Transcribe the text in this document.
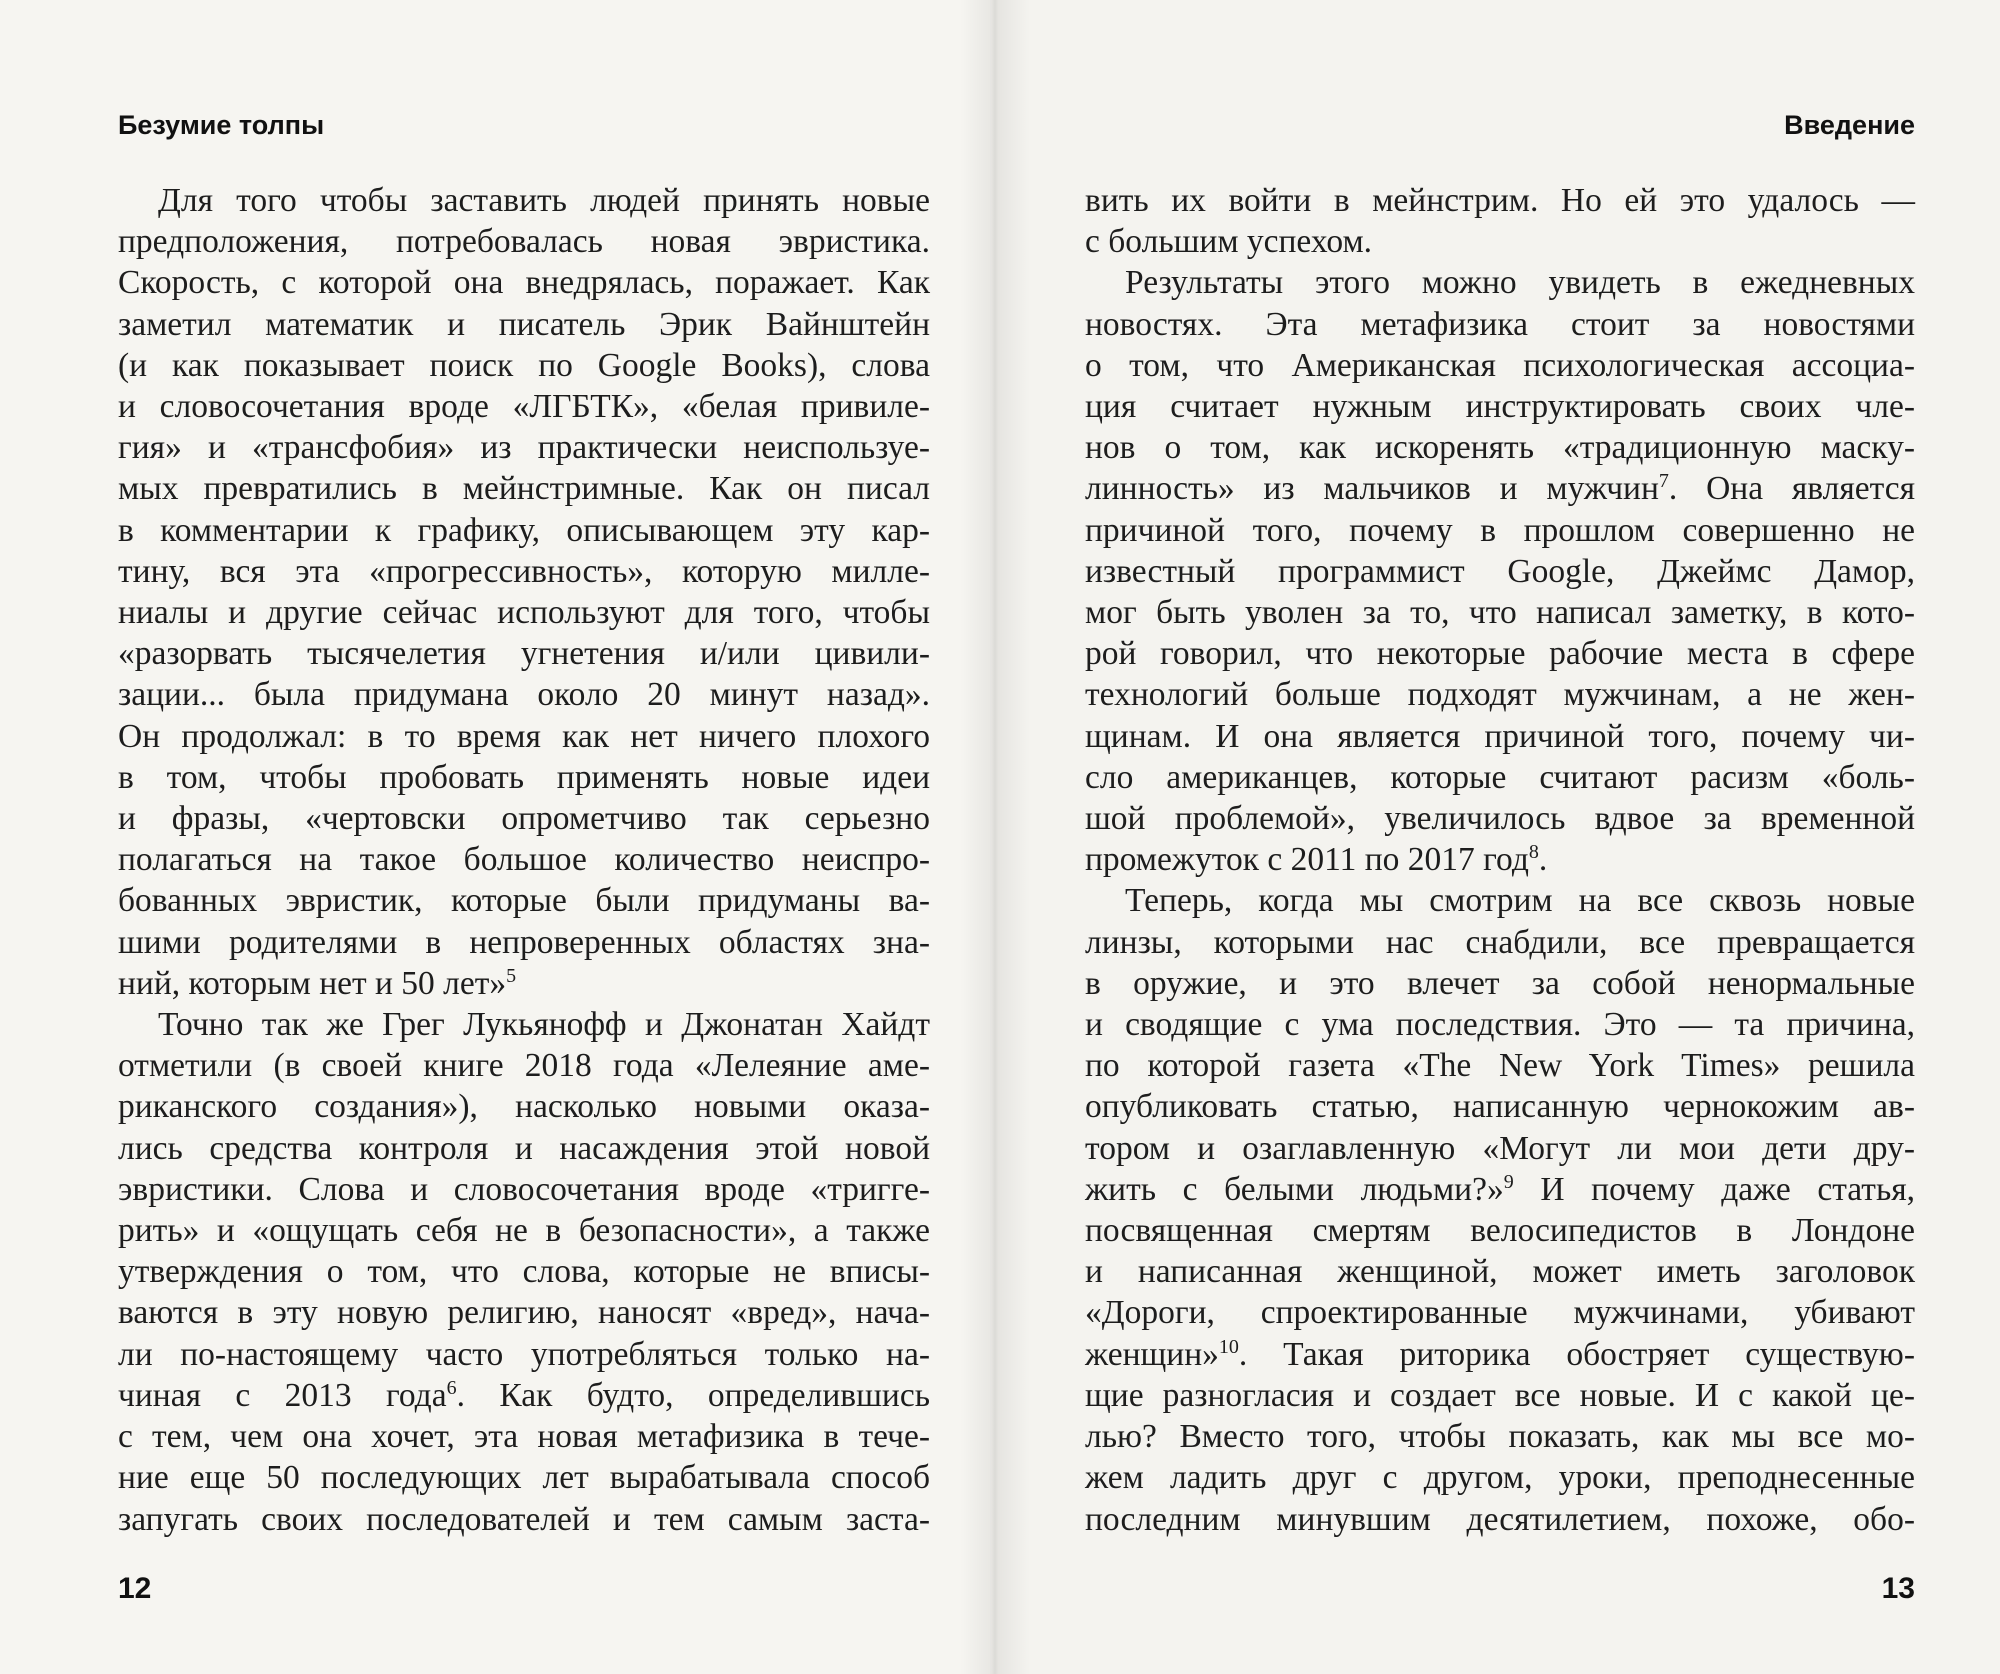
Безумие толпы
Для того чтобы заставить людей принять новые
предположения, потребовалась новая эвристика.
Скорость, с которой она внедрялась, поражает. Как
заметил математик и писатель Эрик Вайнштейн
(и как показывает поиск по Google Books), слова
и словосочетания вроде «ЛГБТК», «белая привиле-
гия» и «трансфобия» из практически неиспользуе-
мых превратились в мейнстримные. Как он писал
в комментарии к графику, описывающем эту кар-
тину, вся эта «прогрессивность», которую милле-
ниалы и другие сейчас используют для того, чтобы
«разорвать тысячелетия угнетения и/или цивили-
зации... была придумана около 20 минут назад».
Он продолжал: в то время как нет ничего плохого
в том, чтобы пробовать применять новые идеи
и фразы, «чертовски опрометчиво так серьезно
полагаться на такое большое количество неиспро-
бованных эвристик, которые были придуманы ва-
шими родителями в непроверенных областях зна-
ний, которым нет и 50 лет»$^5$
Точно так же Грег Лукьянофф и Джонатан Хайдт
отметили (в своей книге 2018 года «Лелеяние аме-
риканского создания»), насколько новыми оказа-
лись средства контроля и насаждения этой новой
эвристики. Слова и словосочетания вроде «тригге-
рить» и «ощущать себя не в безопасности», а также
утверждения о том, что слова, которые не вписы-
ваются в эту новую религию, наносят «вред», нача-
ли по-настоящему часто употребляться только на-
чиная с 2013 года$^6$. Как будто, определившись
с тем, чем она хочет, эта новая метафизика в тече-
ние еще 50 последующих лет вырабатывала способ
запугать своих последователей и тем самым заста-
12
Введение
вить их войти в мейнстрим. Но ей это удалось —
с большим успехом.
Результаты этого можно увидеть в ежедневных
новостях. Эта метафизика стоит за новостями
о том, что Американская психологическая ассоциа-
ция считает нужным инструктировать своих чле-
нов о том, как искоренять «традиционную маску-
линность» из мальчиков и мужчин$^7$. Она является
причиной того, почему в прошлом совершенно не
известный программист Google, Джеймс Дамор,
мог быть уволен за то, что написал заметку, в кото-
рой говорил, что некоторые рабочие места в сфере
технологий больше подходят мужчинам, а не жен-
щинам. И она является причиной того, почему чи-
сло американцев, которые считают расизм «боль-
шой проблемой», увеличилось вдвое за временной
промежуток с 2011 по 2017 год$^8$.
Теперь, когда мы смотрим на все сквозь новые
линзы, которыми нас снабдили, все превращается
в оружие, и это влечет за собой ненормальные
и сводящие с ума последствия. Это — та причина,
по которой газета «The New York Times» решила
опубликовать статью, написанную чернокожим ав-
тором и озаглавленную «Могут ли мои дети дру-
жить с белыми людьми?»$^9$ И почему даже статья,
посвященная смертям велосипедистов в Лондоне
и написанная женщиной, может иметь заголовок
«Дороги, спроектированные мужчинами, убивают
женщин»$^{10}$. Такая риторика обостряет существую-
щие разногласия и создает все новые. И с какой це-
лью? Вместо того, чтобы показать, как мы все мо-
жем ладить друг с другом, уроки, преподнесенные
последним минувшим десятилетием, похоже, обо-
13
